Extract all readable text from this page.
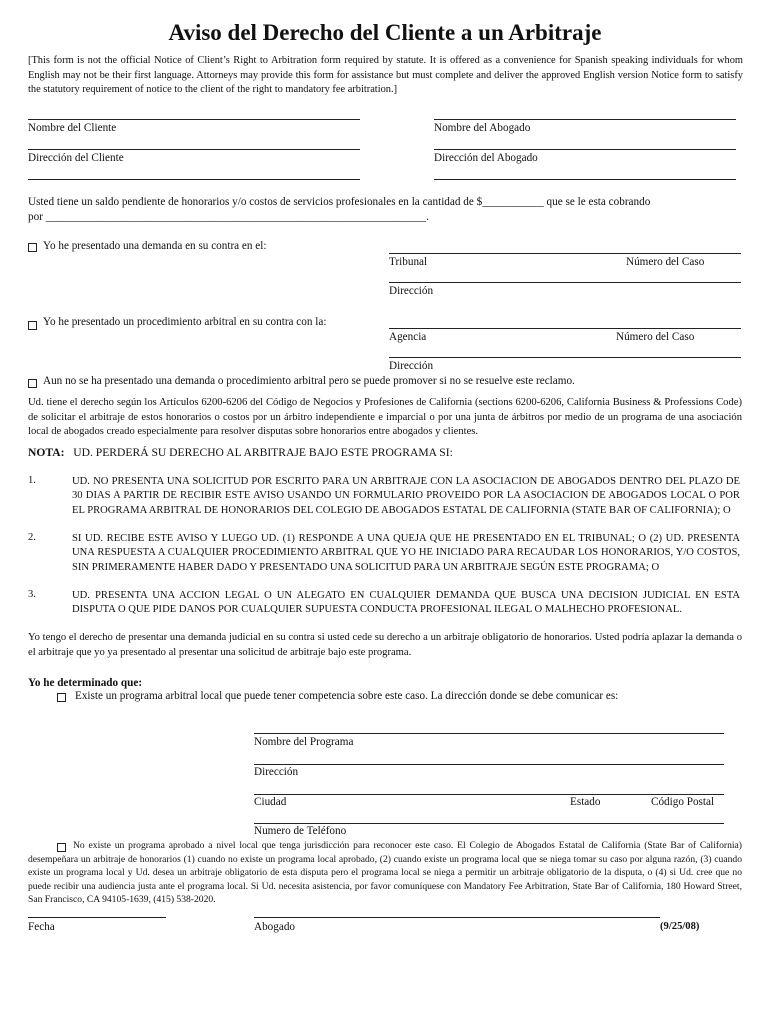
Aviso del Derecho del Cliente a un Arbitraje
[This form is not the official Notice of Client’s Right to Arbitration form required by statute. It is offered as a convenience for Spanish speaking individuals for whom English may not be their first language. Attorneys may provide this form for assistance but must complete and deliver the approved English version Notice form to satisfy the statutory requirement of notice to the client of the right to mandatory fee arbitration.]
Nombre del Cliente	Nombre del Abogado
Dirección del Cliente	Dirección del Abogado
Usted tiene un saldo pendiente de honorarios y/o costos de servicios profesionales en la cantidad de $___________ que se le esta cobrando
por ____________________________________________________________________.
Yo he presentado una demanda en su contra en el:
Tribunal	Número del Caso
Dirección
Yo he presentado un procedimiento arbitral en su contra con la:
Agencia	Número del Caso
Dirección
Aun no se ha presentado una demanda o procedimiento arbitral pero se puede promover si no se resuelve este reclamo.
Ud. tiene el derecho según los Artículos 6200-6206 del Código de Negocios y Profesiones de California (sections 6200-6206, California Business & Professions Code) de solicitar el arbitraje de estos honorarios o costos por un árbitro independiente e imparcial o por una junta de árbitros por medio de un programa de una asociación local de abogados creado especialmente para resolver disputas sobre honorarios entre abogados y clientes.
NOTA: UD. PERDERÁ SU DERECHO AL ARBITRAJE BAJO ESTE PROGRAMA SI:
1.	UD. NO PRESENTA UNA SOLICITUD POR ESCRITO PARA UN ARBITRAJE CON LA ASOCIACION DE ABOGADOS DENTRO DEL PLAZO DE 30 DIAS A PARTIR DE RECIBIR ESTE AVISO USANDO UN FORMULARIO PROVEIDO POR LA ASOCIACION DE ABOGADOS LOCAL O POR EL PROGRAMA ARBITRAL DE HONORARIOS DEL COLEGIO DE ABOGADOS ESTATAL DE CALIFORNIA (STATE BAR OF CALIFORNIA); O
2.	SI UD. RECIBE ESTE AVISO Y LUEGO UD. (1) RESPONDE A UNA QUEJA QUE HE PRESENTADO EN EL TRIBUNAL; O (2) UD. PRESENTA UNA RESPUESTA A CUALQUIER PROCEDIMIENTO ARBITRAL QUE YO HE INICIADO PARA RECAUDAR LOS HONORARIOS, Y/O COSTOS, SIN PRIMERAMENTE HABER DADO Y PRESENTADO UNA SOLICITUD PARA UN ARBITRAJE SEGÚN ESTE PROGRAMA; O
3.	UD. PRESENTA UNA ACCION LEGAL O UN ALEGATO EN CUALQUIER DEMANDA QUE BUSCA UNA DECISION JUDICIAL EN ESTA DISPUTA O QUE PIDE DANOS POR CUALQUIER SUPUESTA CONDUCTA PROFESIONAL ILEGAL O MALHECHO PROFESIONAL.
Yo tengo el derecho de presentar una demanda judicial en su contra si usted cede su derecho a un arbitraje obligatorio de honorarios. Usted podría aplazar la demanda o el arbitraje que yo ya presentado al presentar una solicitud de arbitraje bajo este programa.
Yo he determinado que:
Existe un programa arbitral local que puede tener competencia sobre este caso. La dirección donde se debe comunicar es:
Nombre del Programa
Dirección
Ciudad	Estado	Código Postal
Numero de Teléfono
No existe un programa aprobado a nivel local que tenga jurisdicción para reconocer este caso. El Colegio de Abogados Estatal de California (State Bar of California) desempeñara un arbitraje de honorarios (1) cuando no existe un programa local aprobado, (2) cuando existe un programa local que se niega tomar su caso por alguna razón, (3) cuando existe un programa local y Ud. desea un arbitraje obligatorio de esta disputa pero el programa local se niega a permitir un arbitraje obligatorio de la disputa, o (4) si Ud. cree que no puede recibir una audiencia justa ante el programa local. Si Ud. necesita asistencia, por favor comuníquese con Mandatory Fee Arbitration, State Bar of California, 180 Howard Street, San Francisco, CA 94105-1639, (415) 538-2020.
Fecha	Abogado	(9/25/08)
